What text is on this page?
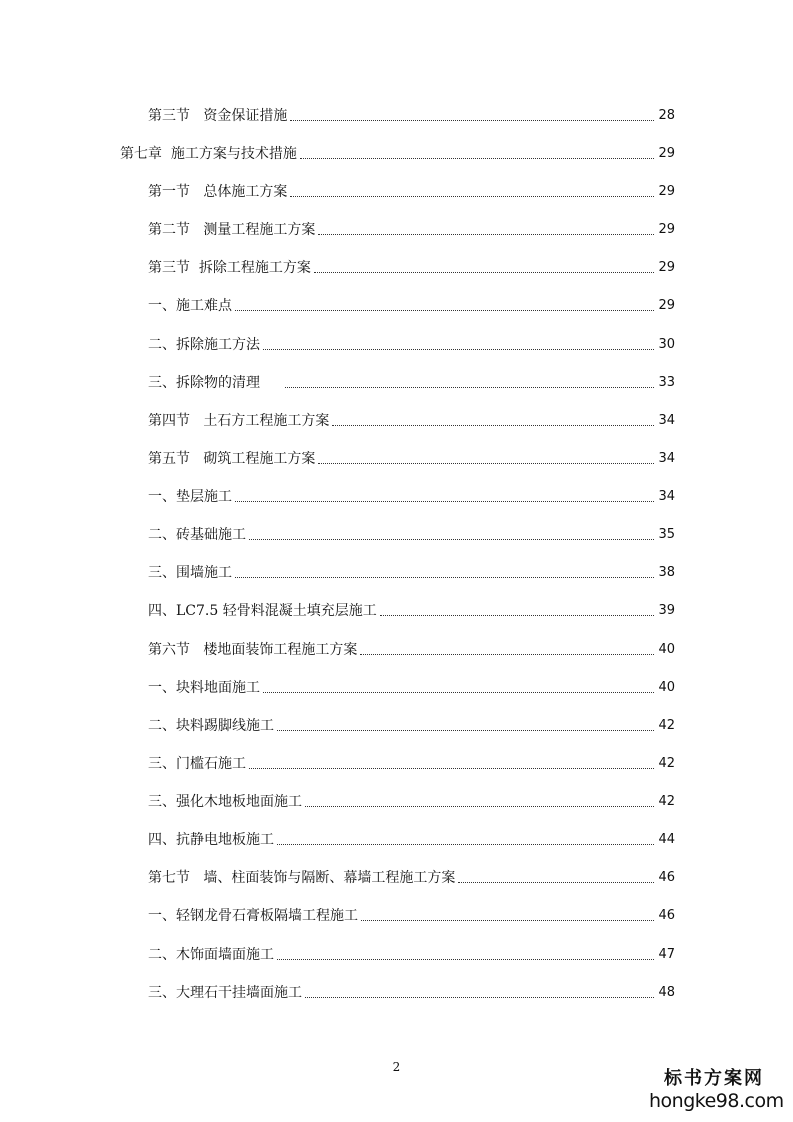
第三节   资金保证措施	28
第七章  施工方案与技术措施	29
第一节   总体施工方案	29
第二节   测量工程施工方案	29
第三节  拆除工程施工方案	29
一、施工难点	29
二、拆除施工方法	30
三、拆除物的清理	33
第四节   土石方工程施工方案	34
第五节   砌筑工程施工方案	34
一、垫层施工	34
二、砖基础施工	35
三、围墙施工	38
四、LC7.5 轻骨料混凝土填充层施工	39
第六节   楼地面装饰工程施工方案	40
一、块料地面施工	40
二、块料踢脚线施工	42
三、门槛石施工	42
三、强化木地板地面施工	42
四、抗静电地板施工	44
第七节   墙、柱面装饰与隔断、幕墙工程施工方案	46
一、轻钢龙骨石膏板隔墙工程施工	46
二、木饰面墙面施工	47
三、大理石干挂墙面施工	48
2
标书方案网
hongke98.com
